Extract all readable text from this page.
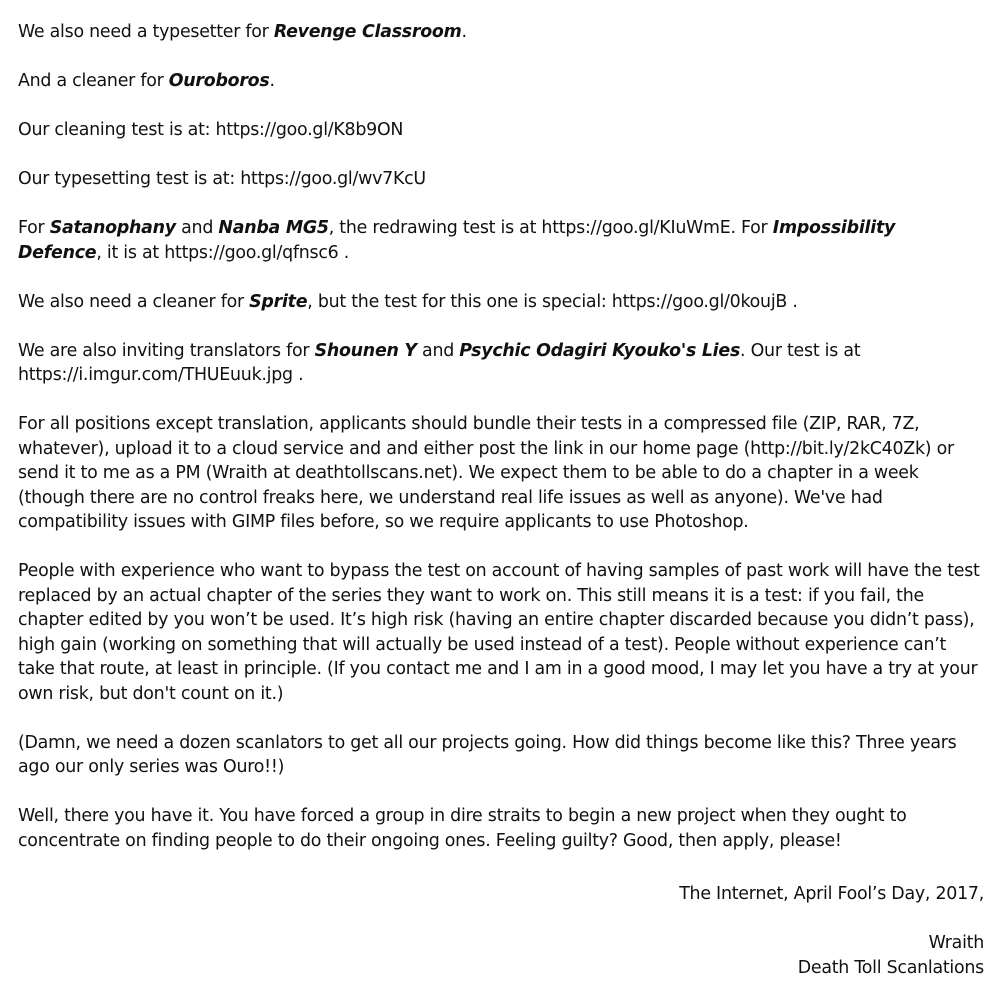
We also need a typesetter for Revenge Classroom.

And a cleaner for Ouroboros.

Our cleaning test is at: https://goo.gl/K8b9ON

Our typesetting test is at: https://goo.gl/wv7KcU

For Satanophany and Nanba MG5, the redrawing test is at https://goo.gl/KIuWmE. For Impossibility Defence, it is at https://goo.gl/qfnsc6 .

We also need a cleaner for Sprite, but the test for this one is special: https://goo.gl/0koujB .

We are also inviting translators for Shounen Y and Psychic Odagiri Kyouko's Lies. Our test is at https://i.imgur.com/THUEuuk.jpg .

For all positions except translation, applicants should bundle their tests in a compressed file (ZIP, RAR, 7Z, whatever), upload it to a cloud service and and either post the link in our home page (http://bit.ly/2kC40Zk) or send it to me as a PM (Wraith at deathtollscans.net). We expect them to be able to do a chapter in a week (though there are no control freaks here, we understand real life issues as well as anyone). We've had compatibility issues with GIMP files before, so we require applicants to use Photoshop.

People with experience who want to bypass the test on account of having samples of past work will have the test replaced by an actual chapter of the series they want to work on. This still means it is a test: if you fail, the chapter edited by you won’t be used. It’s high risk (having an entire chapter discarded because you didn’t pass), high gain (working on something that will actually be used instead of a test). People without experience can’t take that route, at least in principle. (If you contact me and I am in a good mood, I may let you have a try at your own risk, but don't count on it.)

(Damn, we need a dozen scanlators to get all our projects going. How did things become like this? Three years ago our only series was Ouro!!)

Well, there you have it. You have forced a group in dire straits to begin a new project when they ought to concentrate on finding people to do their ongoing ones. Feeling guilty? Good, then apply, please!

The Internet, April Fool’s Day, 2017,
Wraith
Death Toll Scanlations
